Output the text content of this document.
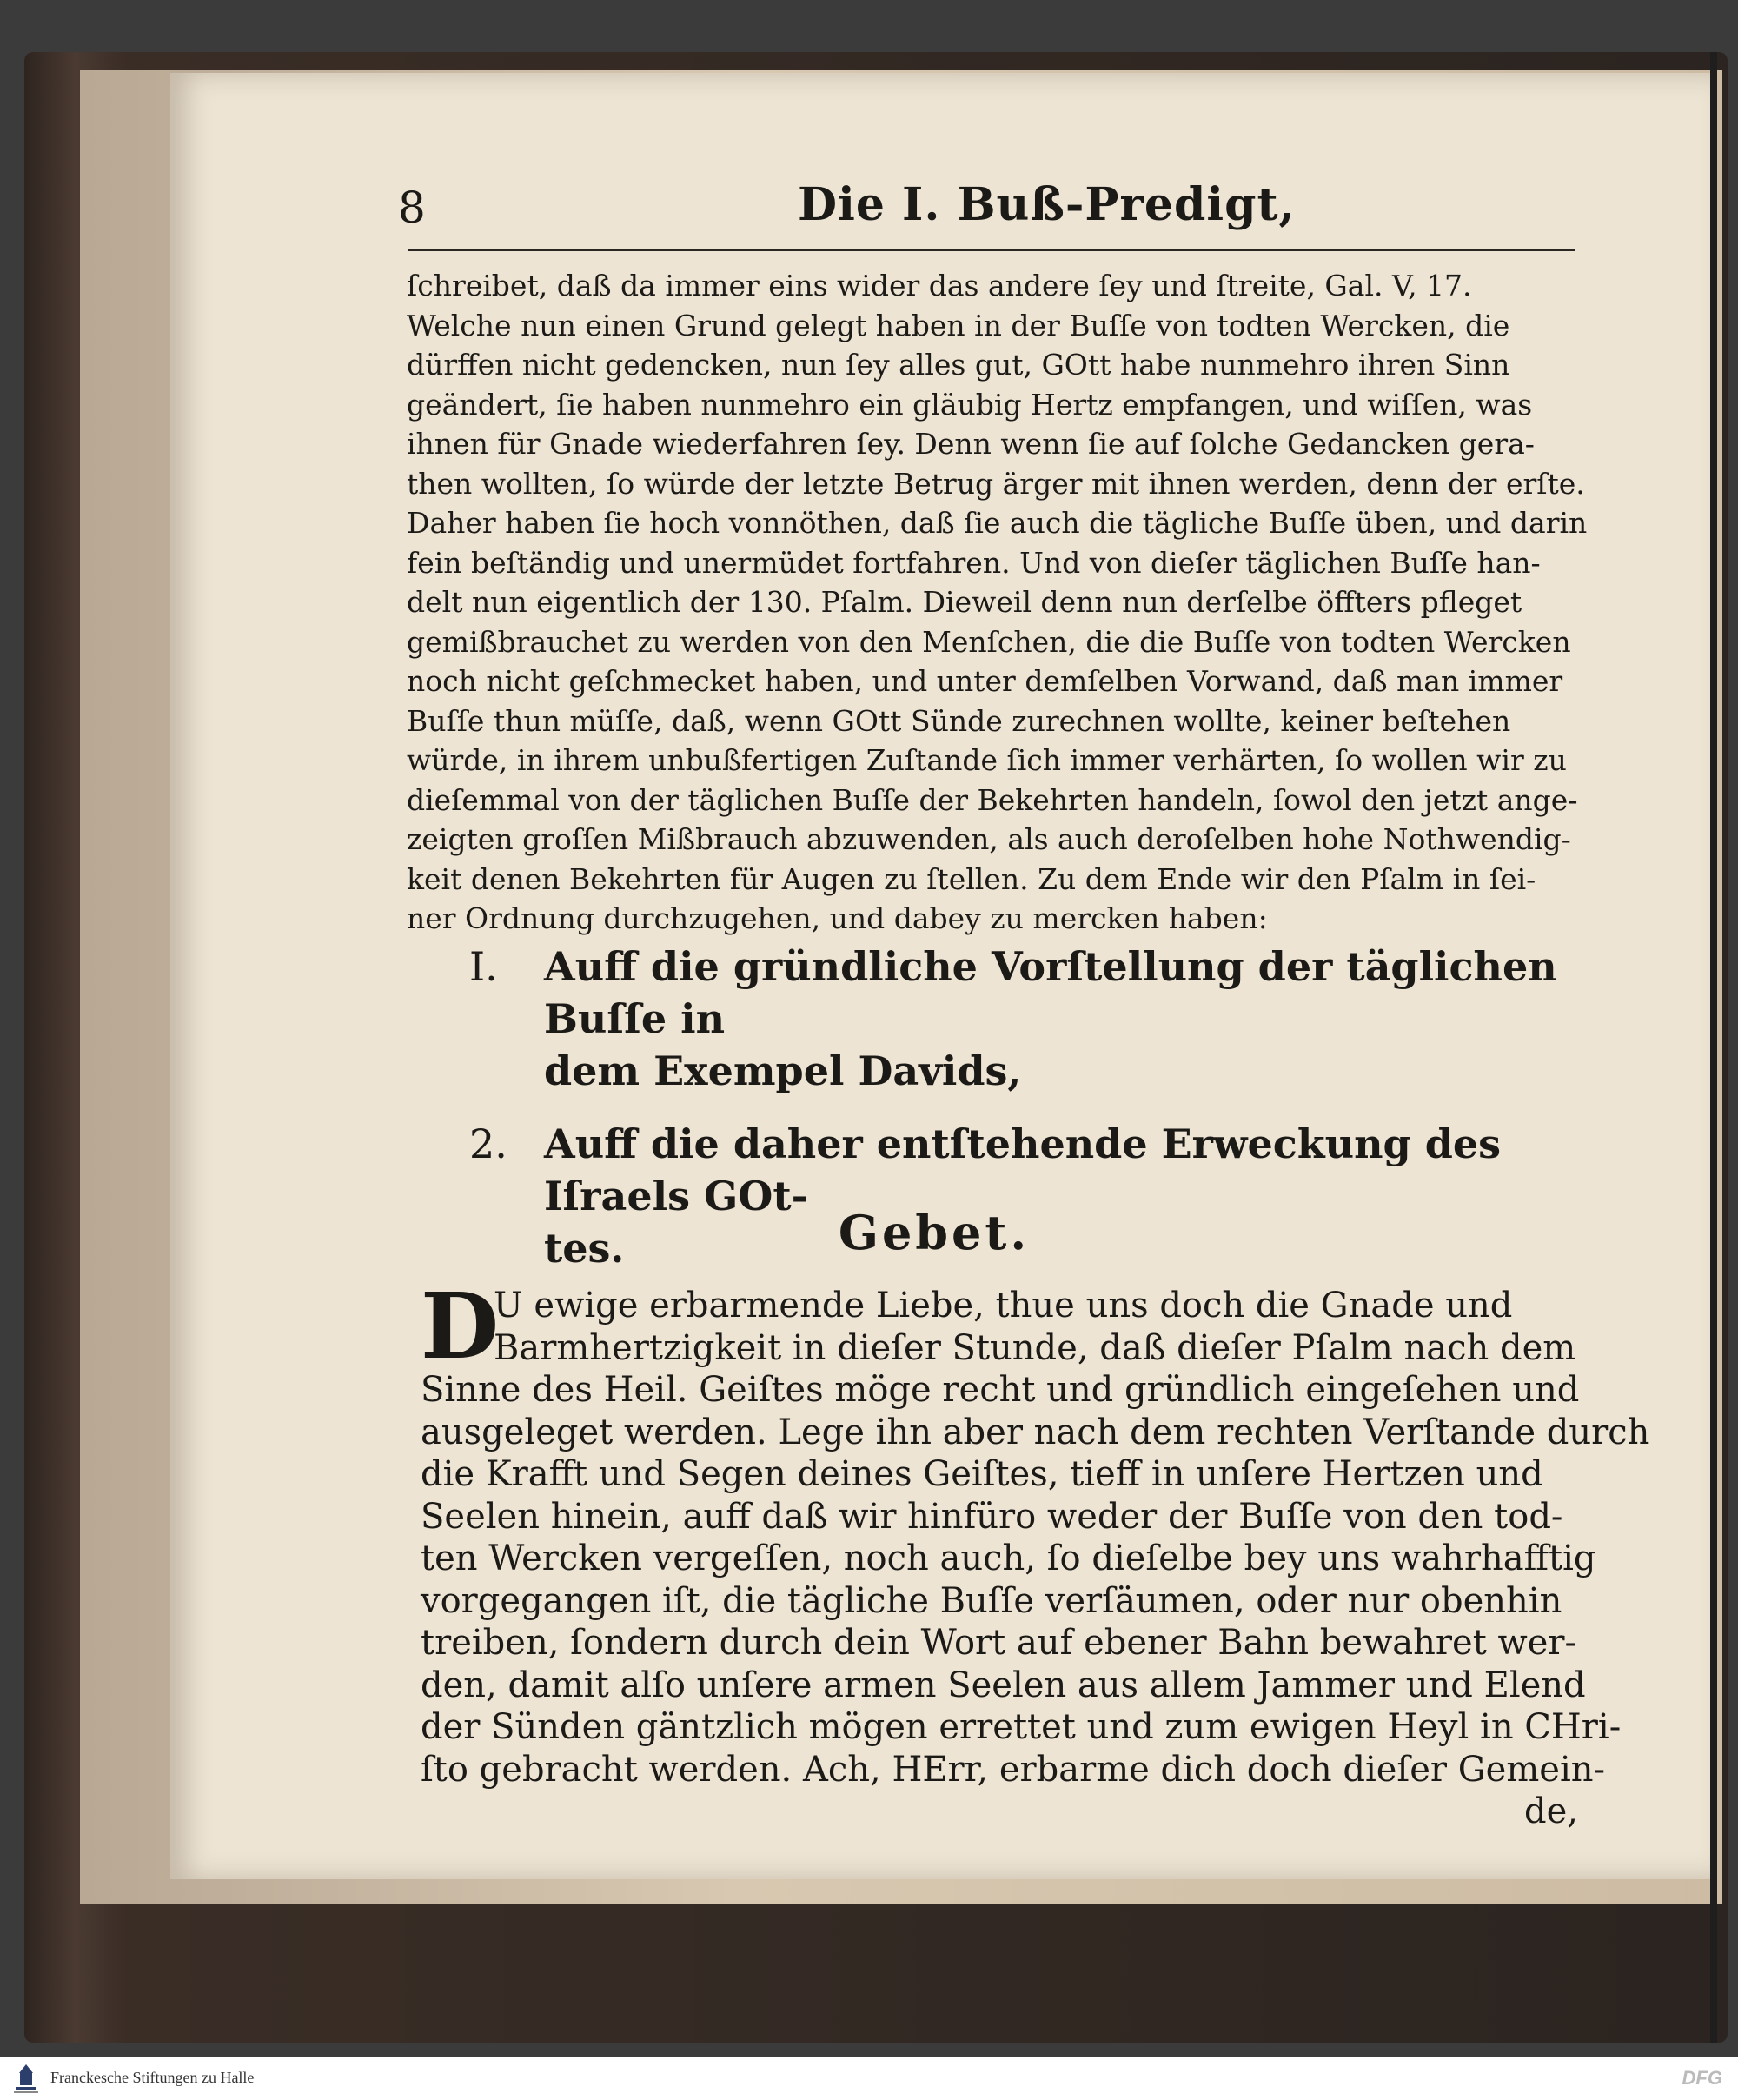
8	Die I. Buß-Predigt,
ſchreibet, daß da immer eins wider das andere ſey und ſtreite, Gal. V, 17.
Welche nun einen Grund gelegt haben in der Buſſe von todten Wercken, die
dürffen nicht gedencken, nun ſey alles gut, GOtt habe nunmehro ihren Sinn
geändert, ſie haben nunmehro ein gläubig Hertz empfangen, und wiſſen, was
ihnen für Gnade wiederfahren ſey. Denn wenn ſie auf ſolche Gedancken gera-
then wollten, ſo würde der letzte Betrug ärger mit ihnen werden, denn der erſte.
Daher haben ſie hoch vonnöthen, daß ſie auch die tägliche Buſſe üben, und darin
fein beſtändig und unermüdet fortfahren. Und von dieſer täglichen Buſſe han-
delt nun eigentlich der 130. Pſalm. Dieweil denn nun derſelbe öffters pfleget
gemißbrauchet zu werden von den Menſchen, die die Buſſe von todten Wercken
noch nicht geſchmecket haben, und unter demſelben Vorwand, daß man immer
Buſſe thun müſſe, daß, wenn GOtt Sünde zurechnen wollte, keiner beſtehen
würde, in ihrem unbußfertigen Zuſtande ſich immer verhärten, ſo wollen wir zu
dieſemmal von der täglichen Buſſe der Bekehrten handeln, ſowol den jetzt ange-
zeigten groſſen Mißbrauch abzuwenden, als auch deroſelben hohe Nothwendig-
keit denen Bekehrten für Augen zu ſtellen. Zu dem Ende wir den Pſalm in ſei-
ner Ordnung durchzugehen, und dabey zu mercken haben:
I. Auff die gründliche Vorſtellung der täglichen Buſſe in
dem Exempel Davids,
2. Auff die daher entſtehende Erweckung des Iſraels GOt-
tes.	Gebet.
D
U ewige erbarmende Liebe, thue uns doch die Gnade und
Barmhertzigkeit in dieſer Stunde, daß dieſer Pſalm nach dem
Sinne des Heil. Geiſtes möge recht und gründlich eingeſehen und
ausgeleget werden. Lege ihn aber nach dem rechten Verſtande durch
die Krafft und Segen deines Geiſtes, tieff in unſere Hertzen und
Seelen hinein, auff daß wir hinfüro weder der Buſſe von den tod-
ten Wercken vergeſſen, noch auch, ſo dieſelbe bey uns wahrhafftig
vorgegangen iſt, die tägliche Buſſe verſäumen, oder nur obenhin
treiben, ſondern durch dein Wort auf ebener Bahn bewahret wer-
den, damit alſo unſere armen Seelen aus allem Jammer und Elend
der Sünden gäntzlich mögen errettet und zum ewigen Heyl in CHri-
ſto gebracht werden. Ach, HErr, erbarme dich doch dieſer Gemein-
de,
Franckesche Stiftungen zu Halle	DFG
